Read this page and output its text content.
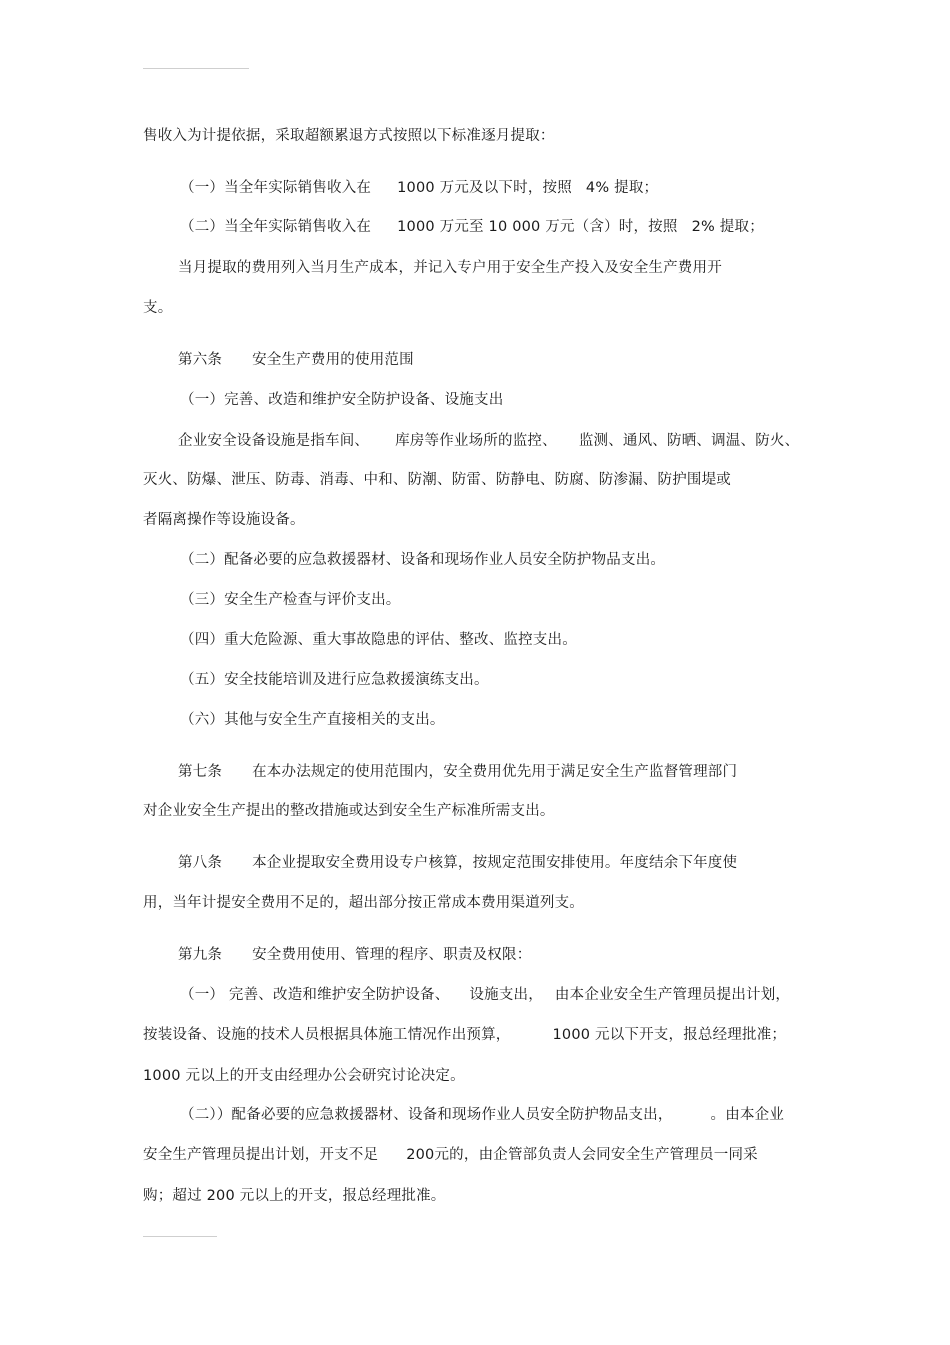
售收入为计提依据，采取超额累退方式按照以下标准逐月提取：
（一）当全年实际销售收入在 1000 万元及以下时，按照 4% 提取；
（二）当全年实际销售收入在 1000 万元至 10 000 万元（含）时，按照 2% 提取；
当月提取的费用列入当月生产成本，并记入专户用于安全生产投入及安全生产费用开
支。
第六条 安全生产费用的使用范围
（一）完善、改造和维护安全防护设备、设施支出
企业安全设备设施是指车间、 库房等作业场所的监控、 监测、通风、防晒、调温、防火、
灭火、防爆、泄压、防毒、消毒、中和、防潮、防雷、防静电、防腐、防渗漏、防护围堤或
者隔离操作等设施设备。
（二）配备必要的应急救援器材、设备和现场作业人员安全防护物品支出。
（三）安全生产检查与评价支出。
（四）重大危险源、重大事故隐患的评估、整改、监控支出。
（五）安全技能培训及进行应急救援演练支出。
（六）其他与安全生产直接相关的支出。
第七条 在本办法规定的使用范围内，安全费用优先用于满足安全生产监督管理部门
对企业安全生产提出的整改措施或达到安全生产标准所需支出。
第八条 本企业提取安全费用设专户核算，按规定范围安排使用。年度结余下年度使
用，当年计提安全费用不足的，超出部分按正常成本费用渠道列支。
第九条 安全费用使用、管理的程序、职责及权限：
（一） 完善、改造和维护安全防护设备、 设施支出， 由本企业安全生产管理员提出计划，
按装设备、设施的技术人员根据具体施工情况作出预算，	1000 元以下开支，报总经理批准；
1000 元以上的开支由经理办公会研究讨论决定。
（二））配备必要的应急救援器材、设备和现场作业人员安全防护物品支出，	。由本企业
安全生产管理员提出计划，开支不足 200元的，由企管部负责人会同安全生产管理员一同采
购；超过 200 元以上的开支，报总经理批准。
